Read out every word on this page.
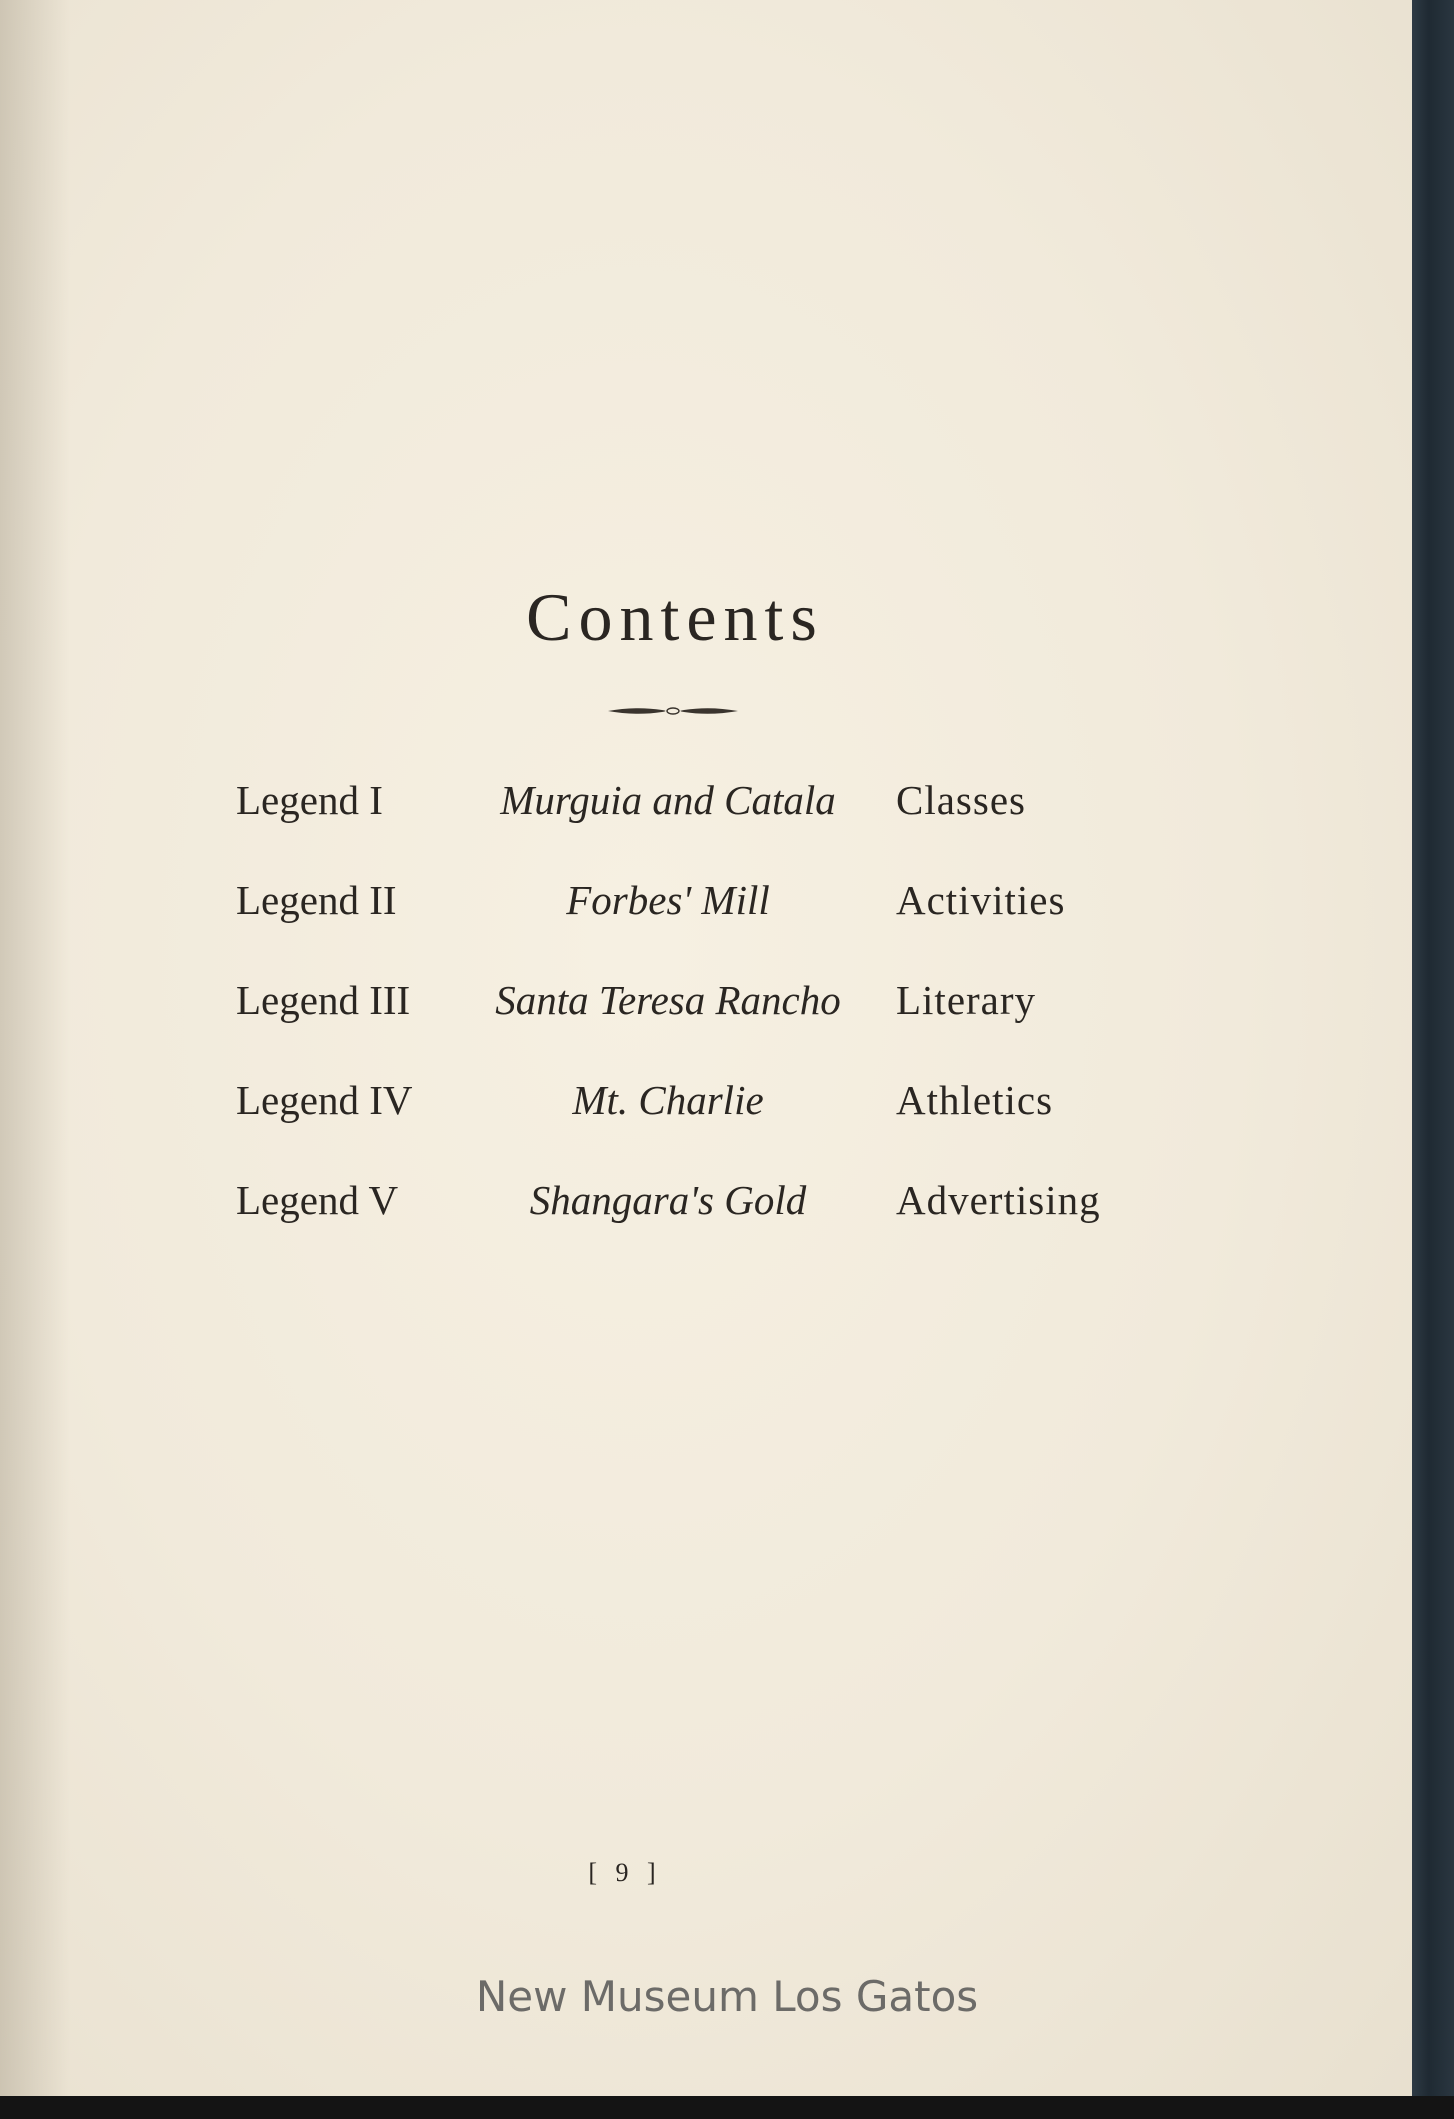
Contents
Legend I	Murguia and Catala	Classes
Legend II	Forbes' Mill	Activities
Legend III	Santa Teresa Rancho	Literary
Legend IV	Mt. Charlie	Athletics
Legend V	Shangara's Gold	Advertising
[ 9 ]
New Museum Los Gatos
